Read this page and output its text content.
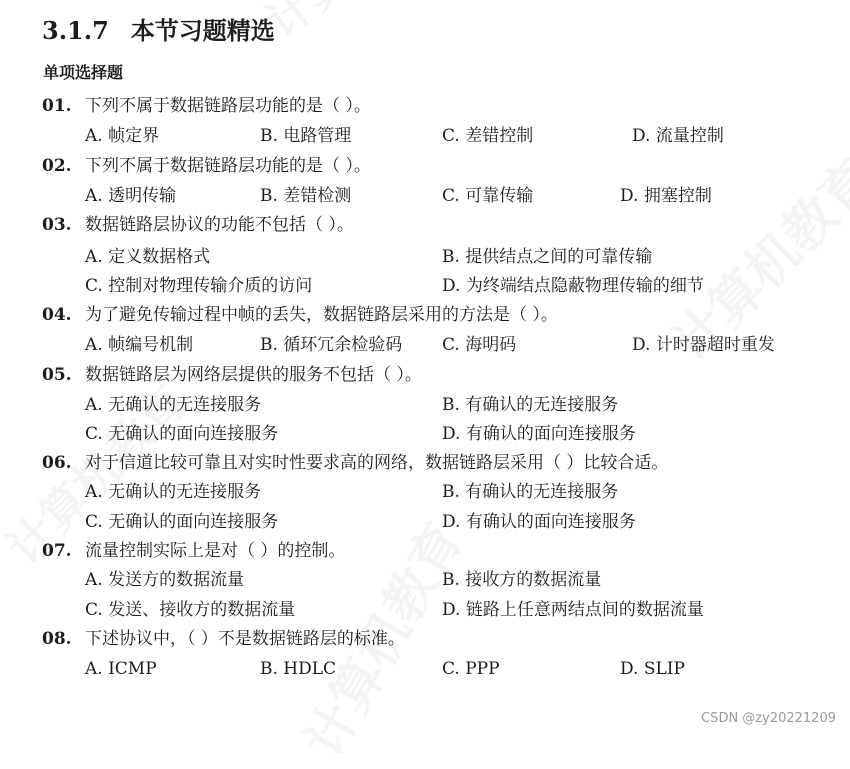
3.1.7 本节习题精选
单项选择题
01. 下列不属于数据链路层功能的是（ ）。
A. 帧定界	B. 电路管理	C. 差错控制	D. 流量控制
02. 下列不属于数据链路层功能的是（ ）。
A. 透明传输	B. 差错检测	C. 可靠传输	D. 拥塞控制
03. 数据链路层协议的功能不包括（ ）。
A. 定义数据格式	B. 提供结点之间的可靠传输
C. 控制对物理传输介质的访问	D. 为终端结点隐蔽物理传输的细节
04. 为了避免传输过程中帧的丢失，数据链路层采用的方法是（ ）。
A. 帧编号机制	B. 循环冗余检验码 C. 海明码	D. 计时器超时重发
05. 数据链路层为网络层提供的服务不包括（ ）。
A. 无确认的无连接服务	B. 有确认的无连接服务
C. 无确认的面向连接服务	D. 有确认的面向连接服务
06. 对于信道比较可靠且对实时性要求高的网络，数据链路层采用（ ）比较合适。
A. 无确认的无连接服务	B. 有确认的无连接服务
C. 无确认的面向连接服务	D. 有确认的面向连接服务
07. 流量控制实际上是对（ ）的控制。
A. 发送方的数据流量	B. 接收方的数据流量
C. 发送、接收方的数据流量	D. 链路上任意两结点间的数据流量
08. 下述协议中，（ ）不是数据链路层的标准。
A. ICMP	B. HDLC	C. PPP	D. SLIP
CSDN @zy20221209
